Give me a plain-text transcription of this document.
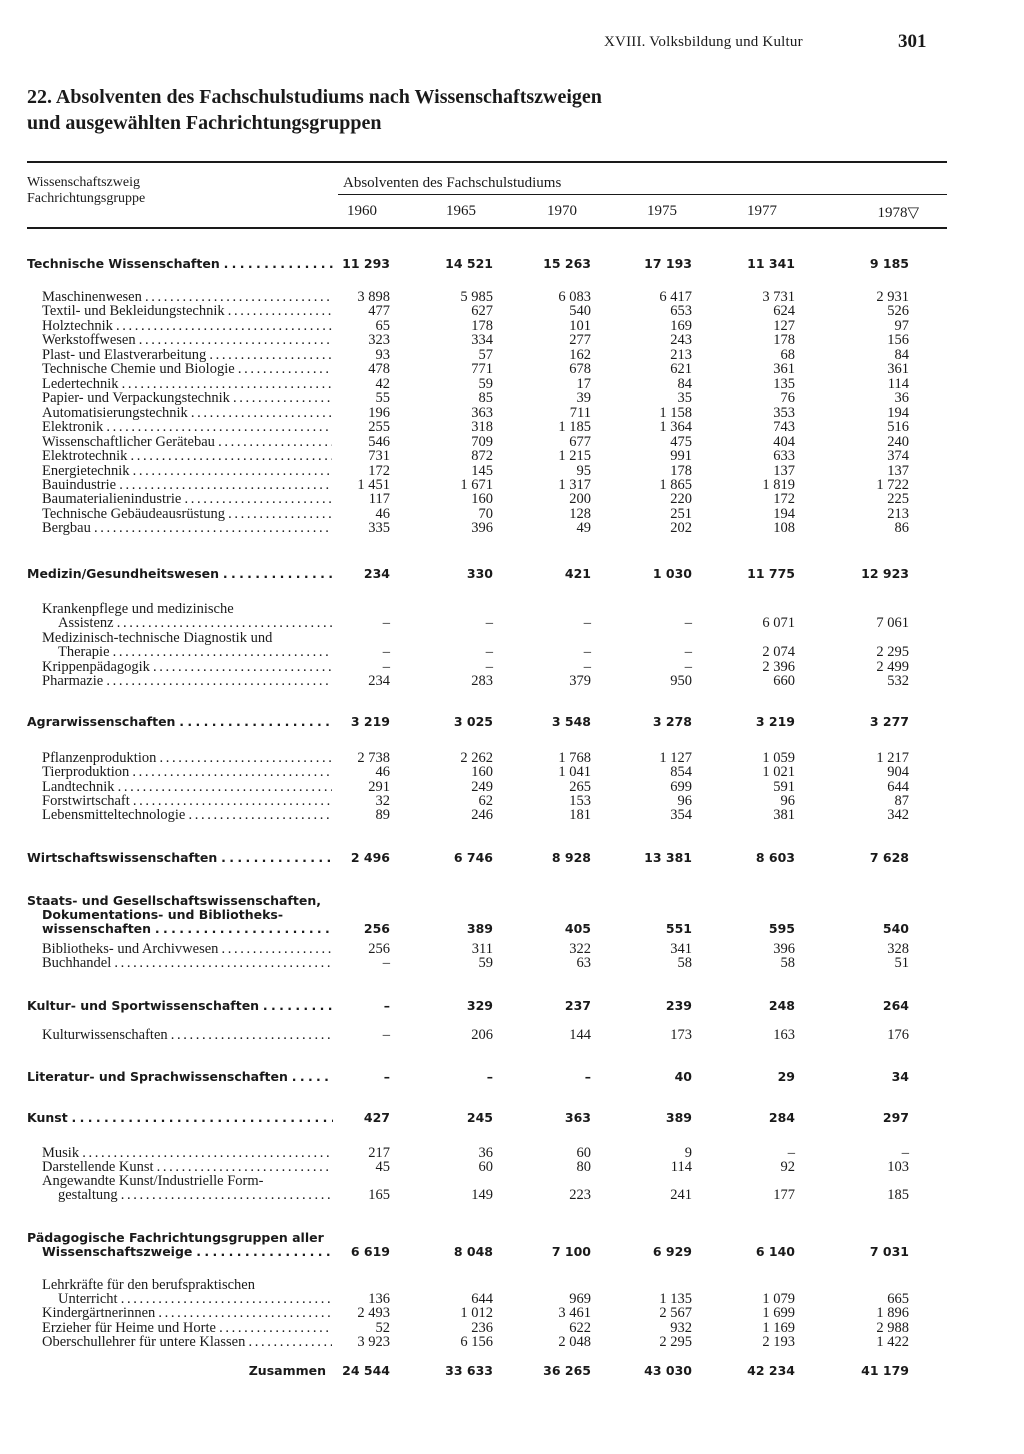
XVIII. Volksbildung und Kultur	301
22. Absolventen des Fachschulstudiums nach Wissenschaftszweigen
und ausgewählten Fachrichtungsgruppen
Wissenschaftszweig
Fachrichtungsgruppe
Absolventen des Fachschulstudiums
1960	1965	1970	1975	1977	1978▽
Technische Wissenschaften . . .	11 293	14 521	15 263	17 193	11 341	9 185
Maschinenwesen . . .	3 898	5 985	6 083	6 417	3 731	2 931
Textil- und Bekleidungstechnik . . .	477	627	540	653	624	526
Holztechnik . . .	65	178	101	169	127	97
Werkstoffwesen . . .	323	334	277	243	178	156
Plast- und Elastverarbeitung . . .	93	57	162	213	68	84
Technische Chemie und Biologie . . .	478	771	678	621	361	361
Ledertechnik . . .	42	59	17	84	135	114
Papier- und Verpackungstechnik . . .	55	85	39	35	76	36
Automatisierungstechnik . . .	196	363	711	1 158	353	194
Elektronik . . .	255	318	1 185	1 364	743	516
Wissenschaftlicher Gerätebau . . .	546	709	677	475	404	240
Elektrotechnik . . .	731	872	1 215	991	633	374
Energietechnik . . .	172	145	95	178	137	137
Bauindustrie . . .	1 451	1 671	1 317	1 865	1 819	1 722
Baumaterialienindustrie . . .	117	160	200	220	172	225
Technische Gebäudeausrüstung . . .	46	70	128	251	194	213
Bergbau . . .	335	396	49	202	108	86
Medizin/Gesundheitswesen . . .	234	330	421	1 030	11 775	12 923
Krankenpflege und medizinische
Assistenz . . .	–	–	–	–	6 071	7 061
Medizinisch-technische Diagnostik und
Therapie . . .	–	–	–	–	2 074	2 295
Krippenpädagogik . . .	–	–	–	–	2 396	2 499
Pharmazie . . .	234	283	379	950	660	532
Agrarwissenschaften . . .	3 219	3 025	3 548	3 278	3 219	3 277
Pflanzenproduktion . . .	2 738	2 262	1 768	1 127	1 059	1 217
Tierproduktion . . .	46	160	1 041	854	1 021	904
Landtechnik . . .	291	249	265	699	591	644
Forstwirtschaft . . .	32	62	153	96	96	87
Lebensmitteltechnologie . . .	89	246	181	354	381	342
Wirtschaftswissenschaften . . .	2 496	6 746	8 928	13 381	8 603	7 628
Staats- und Gesellschaftswissenschaften,
Dokumentations- und Bibliotheks-
wissenschaften . . .	256	389	405	551	595	540
Bibliotheks- und Archivwesen . . .	256	311	322	341	396	328
Buchhandel . . .	–	59	63	58	58	51
Kultur- und Sportwissenschaften . . .	–	329	237	239	248	264
Kulturwissenschaften . . .	–	206	144	173	163	176
Literatur- und Sprachwissenschaften . . .	–	–	–	40	29	34
Kunst . . .	427	245	363	389	284	297
Musik . . .	217	36	60	9	–	–
Darstellende Kunst . . .	45	60	80	114	92	103
Angewandte Kunst/Industrielle Form-
gestaltung . . .	165	149	223	241	177	185
Pädagogische Fachrichtungsgruppen aller
Wissenschaftszweige . . .	6 619	8 048	7 100	6 929	6 140	7 031
Lehrkräfte für den berufspraktischen
Unterricht . . .	136	644	969	1 135	1 079	665
Kindergärtnerinnen . . .	2 493	1 012	3 461	2 567	1 699	1 896
Erzieher für Heime und Horte . . .	52	236	622	932	1 169	2 988
Oberschullehrer für untere Klassen . . .	3 923	6 156	2 048	2 295	2 193	1 422
Zusammen	24 544	33 633	36 265	43 030	42 234	41 179
